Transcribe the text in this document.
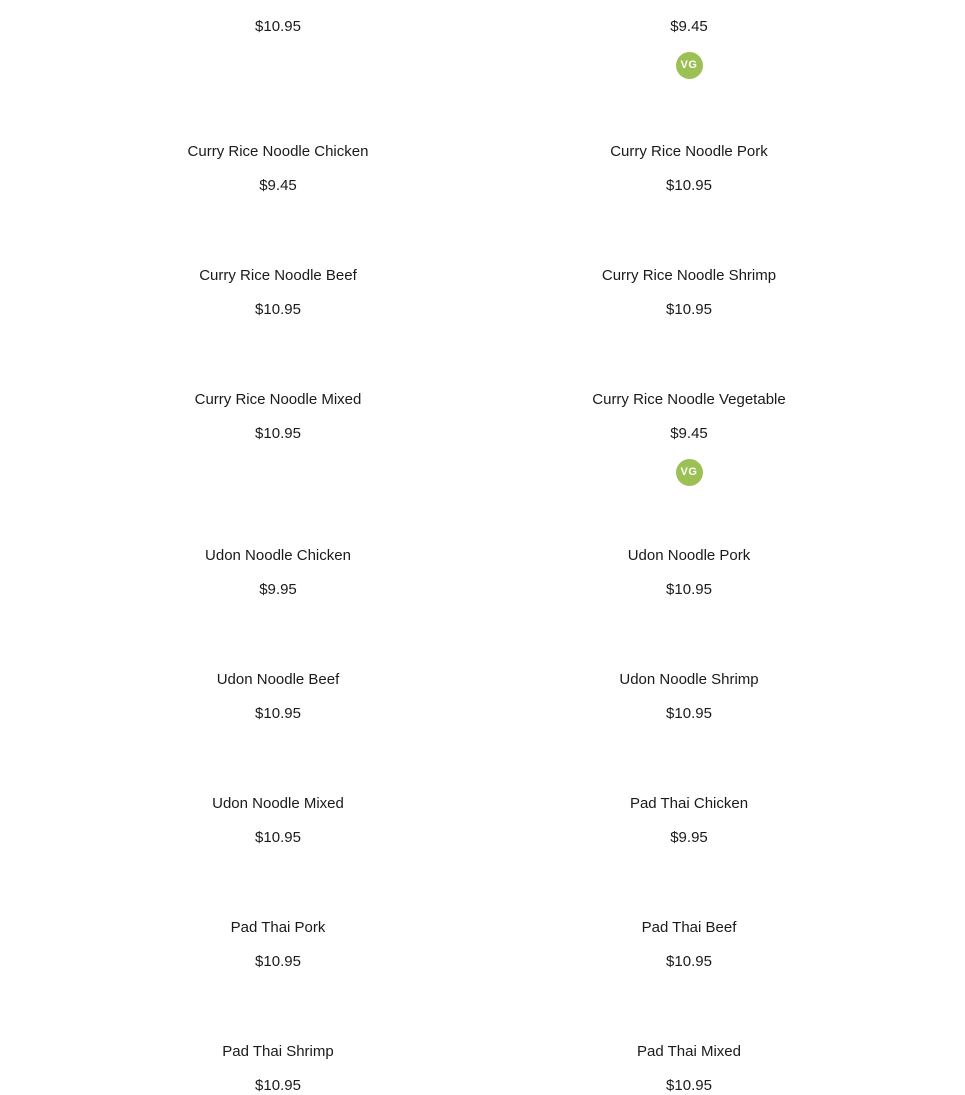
$10.95	$9.45
VG
Curry Rice Noodle Chicken
$9.45
Curry Rice Noodle Pork
$10.95
Curry Rice Noodle Beef
$10.95
Curry Rice Noodle Shrimp
$10.95
Curry Rice Noodle Mixed
$10.95
Curry Rice Noodle Vegetable
$9.45
VG
Udon Noodle Chicken
$9.95
Udon Noodle Pork
$10.95
Udon Noodle Beef
$10.95
Udon Noodle Shrimp
$10.95
Udon Noodle Mixed
$10.95
Pad Thai Chicken
$9.95
Pad Thai Pork
$10.95
Pad Thai Beef
$10.95
Pad Thai Shrimp
$10.95
Pad Thai Mixed
$10.95
